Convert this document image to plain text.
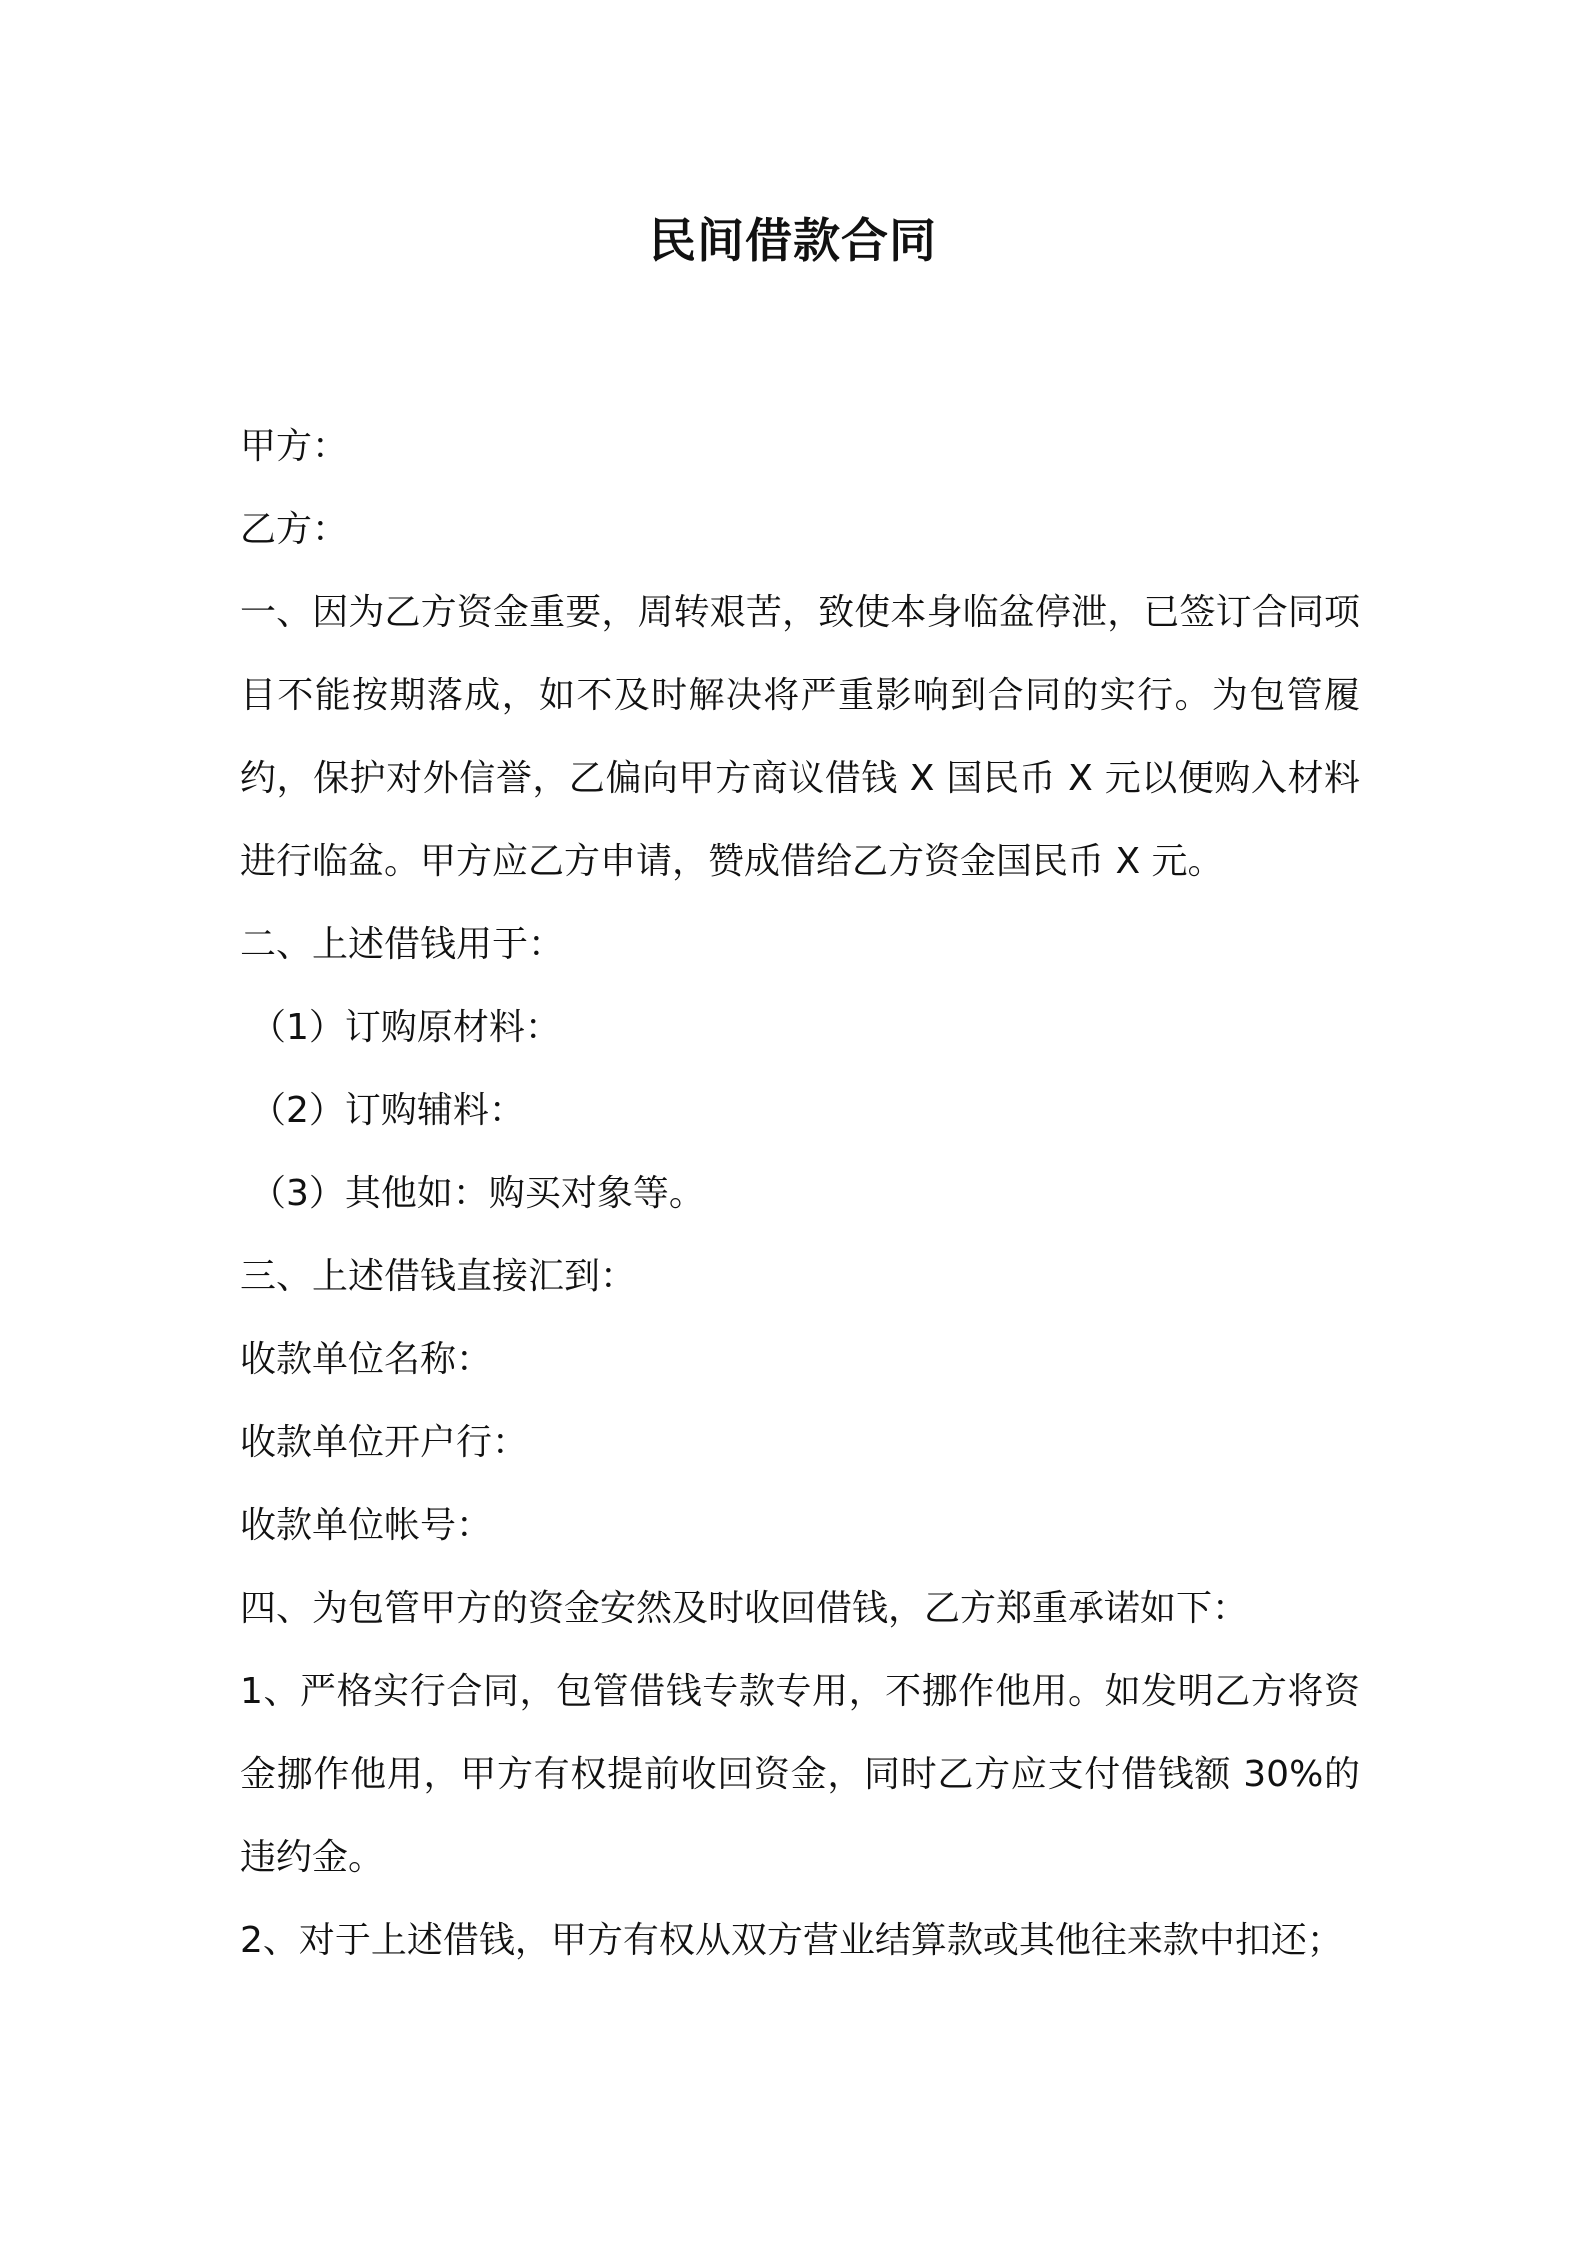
民间借款合同

甲方：

乙方：

一、因为乙方资金重要，周转艰苦，致使本身临盆停泄，已签订合同项目不能按期落成，如不及时解决将严重影响到合同的实行。为包管履约，保护对外信誉，乙偏向甲方商议借钱 X 国民币 X 元以便购入材料进行临盆。甲方应乙方申请，赞成借给乙方资金国民币 X 元。

二、上述借钱用于：

（1）订购原材料：

（2）订购辅料：

（3）其他如：购买对象等。

三、上述借钱直接汇到：

收款单位名称：

收款单位开户行：

收款单位帐号：

四、为包管甲方的资金安然及时收回借钱，乙方郑重承诺如下：

1、严格实行合同，包管借钱专款专用，不挪作他用。如发明乙方将资金挪作他用，甲方有权提前收回资金，同时乙方应支付借钱额 30%的违约金。

2、对于上述借钱，甲方有权从双方营业结算款或其他往来款中扣还；
